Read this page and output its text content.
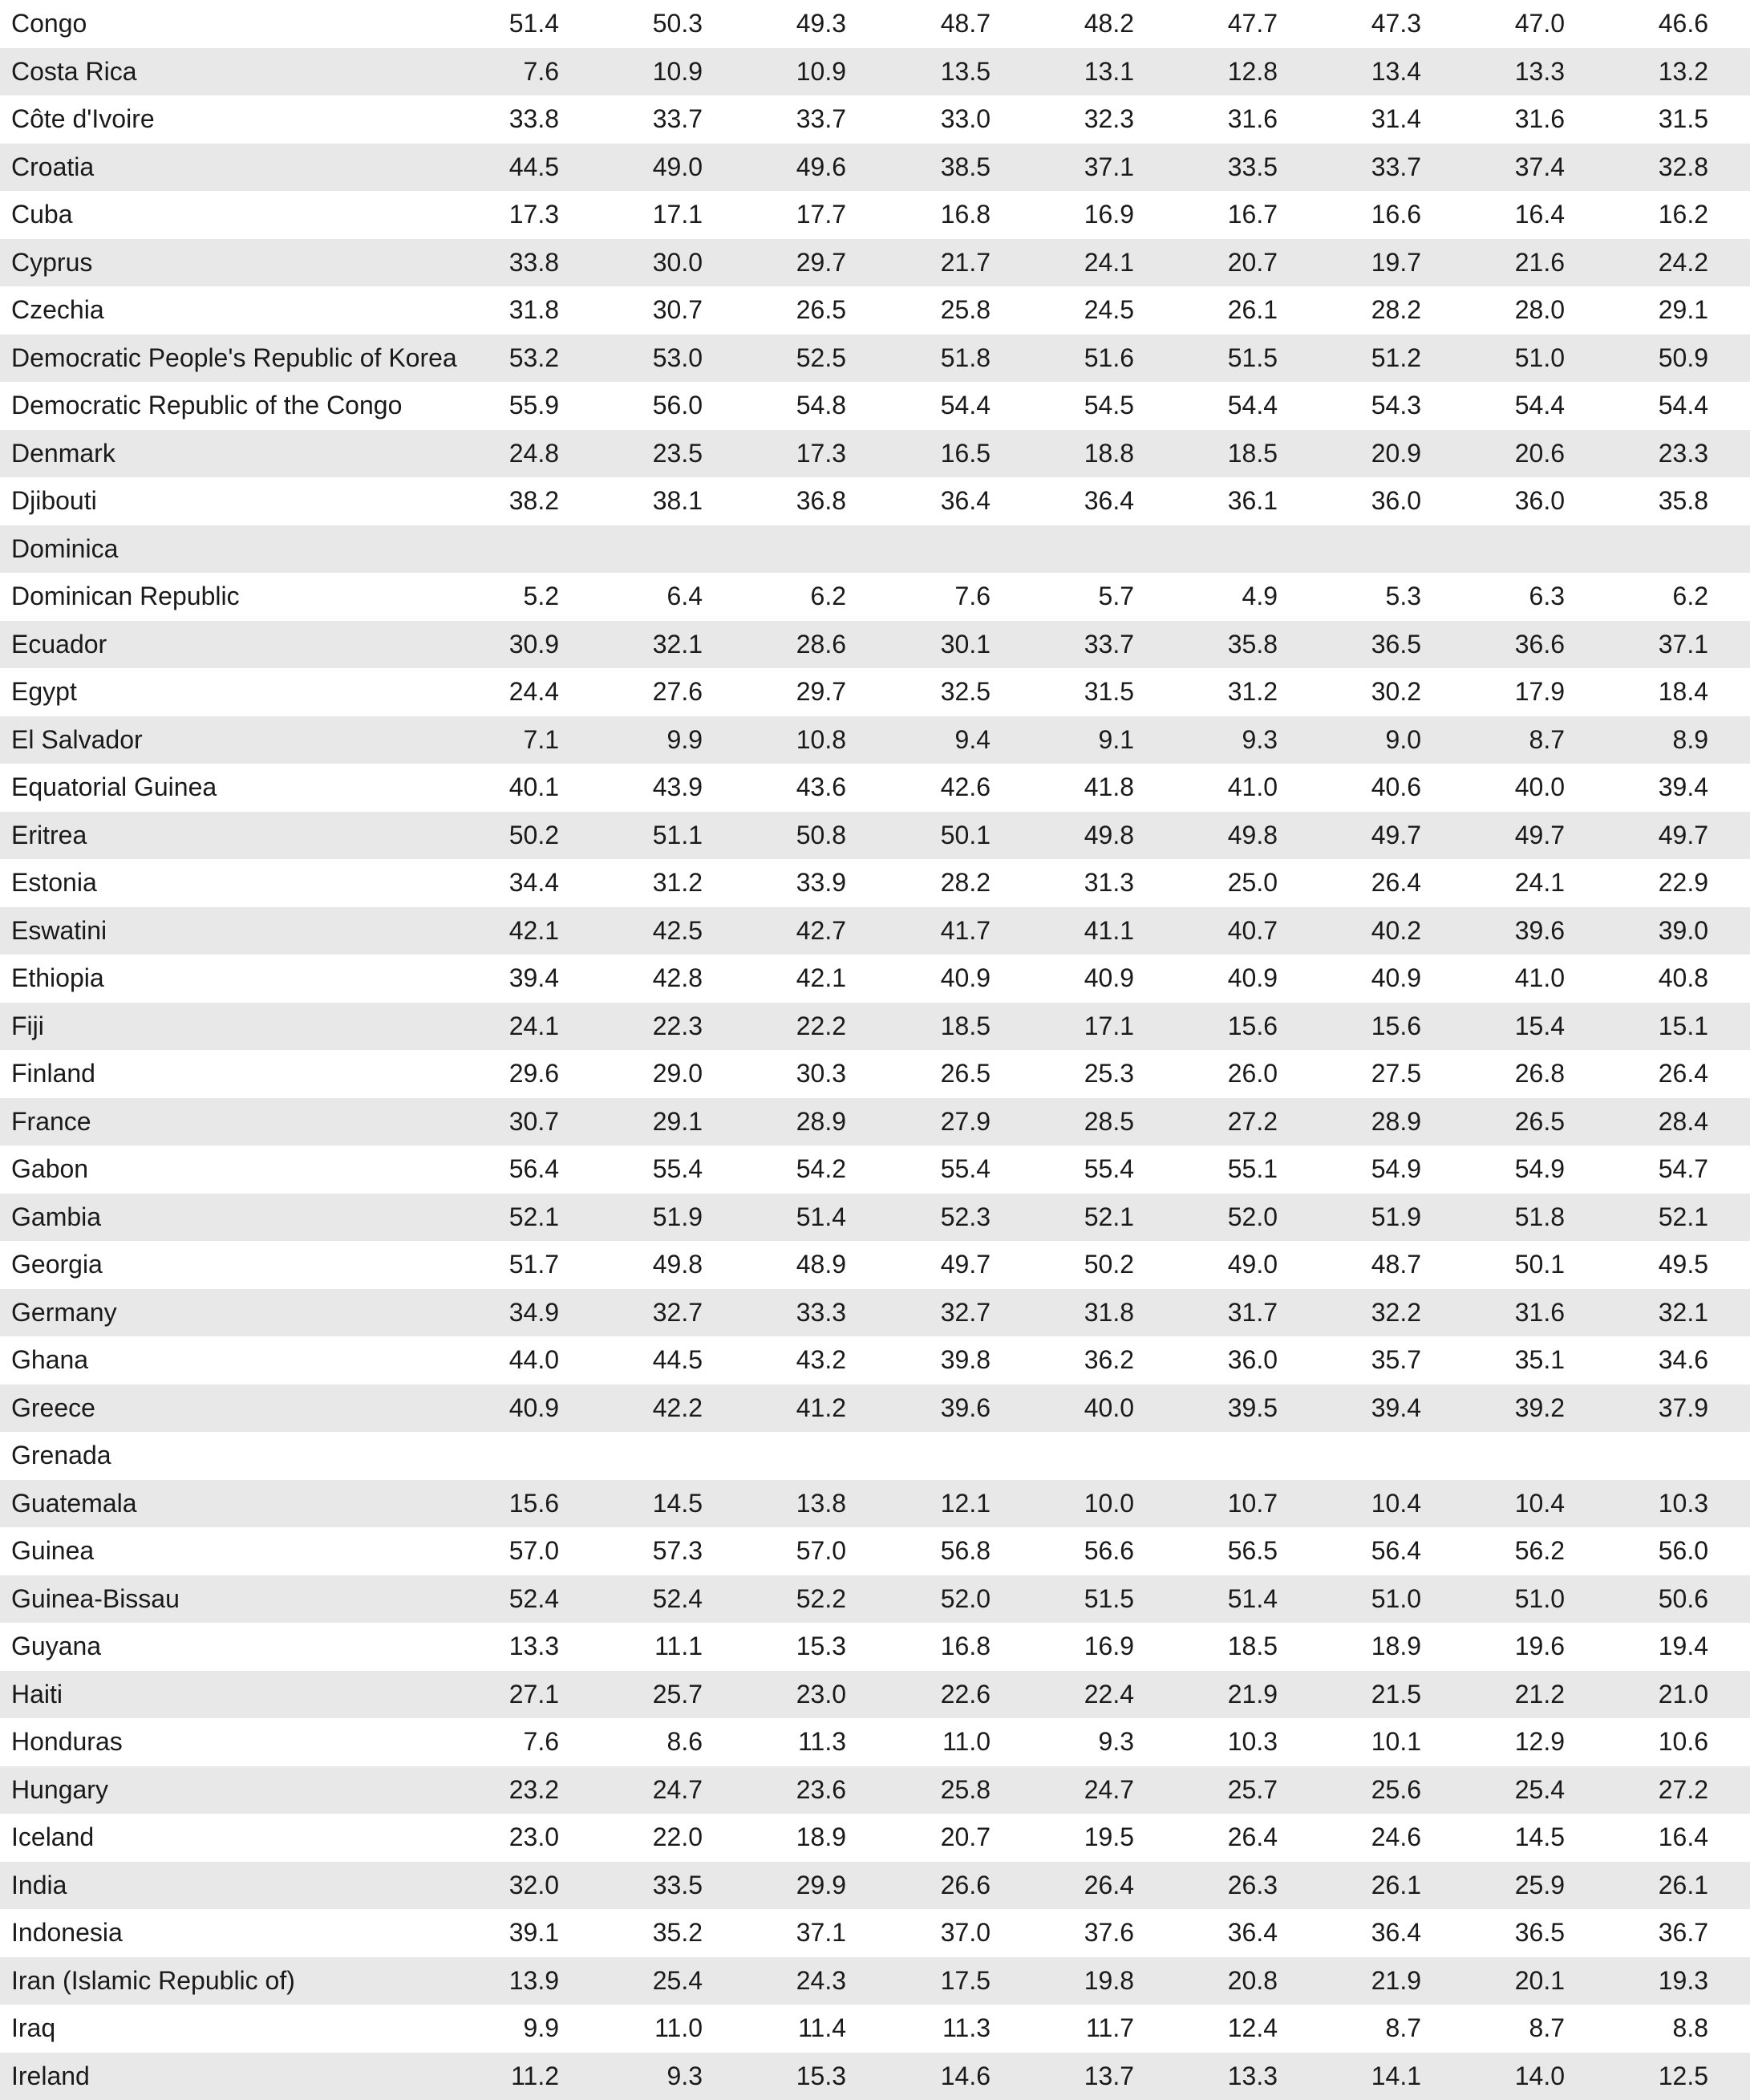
Congo	51.4	50.3	49.3	48.7	48.2	47.7	47.3	47.0	46.6
Costa Rica	7.6	10.9	10.9	13.5	13.1	12.8	13.4	13.3	13.2
Côte d'Ivoire	33.8	33.7	33.7	33.0	32.3	31.6	31.4	31.6	31.5
Croatia	44.5	49.0	49.6	38.5	37.1	33.5	33.7	37.4	32.8
Cuba	17.3	17.1	17.7	16.8	16.9	16.7	16.6	16.4	16.2
Cyprus	33.8	30.0	29.7	21.7	24.1	20.7	19.7	21.6	24.2
Czechia	31.8	30.7	26.5	25.8	24.5	26.1	28.2	28.0	29.1
Democratic People's Republic of Korea	53.2	53.0	52.5	51.8	51.6	51.5	51.2	51.0	50.9
Democratic Republic of the Congo	55.9	56.0	54.8	54.4	54.5	54.4	54.3	54.4	54.4
Denmark	24.8	23.5	17.3	16.5	18.8	18.5	20.9	20.6	23.3
Djibouti	38.2	38.1	36.8	36.4	36.4	36.1	36.0	36.0	35.8
Dominica
Dominican Republic	5.2	6.4	6.2	7.6	5.7	4.9	5.3	6.3	6.2
Ecuador	30.9	32.1	28.6	30.1	33.7	35.8	36.5	36.6	37.1
Egypt	24.4	27.6	29.7	32.5	31.5	31.2	30.2	17.9	18.4
El Salvador	7.1	9.9	10.8	9.4	9.1	9.3	9.0	8.7	8.9
Equatorial Guinea	40.1	43.9	43.6	42.6	41.8	41.0	40.6	40.0	39.4
Eritrea	50.2	51.1	50.8	50.1	49.8	49.8	49.7	49.7	49.7
Estonia	34.4	31.2	33.9	28.2	31.3	25.0	26.4	24.1	22.9
Eswatini	42.1	42.5	42.7	41.7	41.1	40.7	40.2	39.6	39.0
Ethiopia	39.4	42.8	42.1	40.9	40.9	40.9	40.9	41.0	40.8
Fiji	24.1	22.3	22.2	18.5	17.1	15.6	15.6	15.4	15.1
Finland	29.6	29.0	30.3	26.5	25.3	26.0	27.5	26.8	26.4
France	30.7	29.1	28.9	27.9	28.5	27.2	28.9	26.5	28.4
Gabon	56.4	55.4	54.2	55.4	55.4	55.1	54.9	54.9	54.7
Gambia	52.1	51.9	51.4	52.3	52.1	52.0	51.9	51.8	52.1
Georgia	51.7	49.8	48.9	49.7	50.2	49.0	48.7	50.1	49.5
Germany	34.9	32.7	33.3	32.7	31.8	31.7	32.2	31.6	32.1
Ghana	44.0	44.5	43.2	39.8	36.2	36.0	35.7	35.1	34.6
Greece	40.9	42.2	41.2	39.6	40.0	39.5	39.4	39.2	37.9
Grenada
Guatemala	15.6	14.5	13.8	12.1	10.0	10.7	10.4	10.4	10.3
Guinea	57.0	57.3	57.0	56.8	56.6	56.5	56.4	56.2	56.0
Guinea-Bissau	52.4	52.4	52.2	52.0	51.5	51.4	51.0	51.0	50.6
Guyana	13.3	11.1	15.3	16.8	16.9	18.5	18.9	19.6	19.4
Haiti	27.1	25.7	23.0	22.6	22.4	21.9	21.5	21.2	21.0
Honduras	7.6	8.6	11.3	11.0	9.3	10.3	10.1	12.9	10.6
Hungary	23.2	24.7	23.6	25.8	24.7	25.7	25.6	25.4	27.2
Iceland	23.0	22.0	18.9	20.7	19.5	26.4	24.6	14.5	16.4
India	32.0	33.5	29.9	26.6	26.4	26.3	26.1	25.9	26.1
Indonesia	39.1	35.2	37.1	37.0	37.6	36.4	36.4	36.5	36.7
Iran (Islamic Republic of)	13.9	25.4	24.3	17.5	19.8	20.8	21.9	20.1	19.3
Iraq	9.9	11.0	11.4	11.3	11.7	12.4	8.7	8.7	8.8
Ireland	11.2	9.3	15.3	14.6	13.7	13.3	14.1	14.0	12.5
